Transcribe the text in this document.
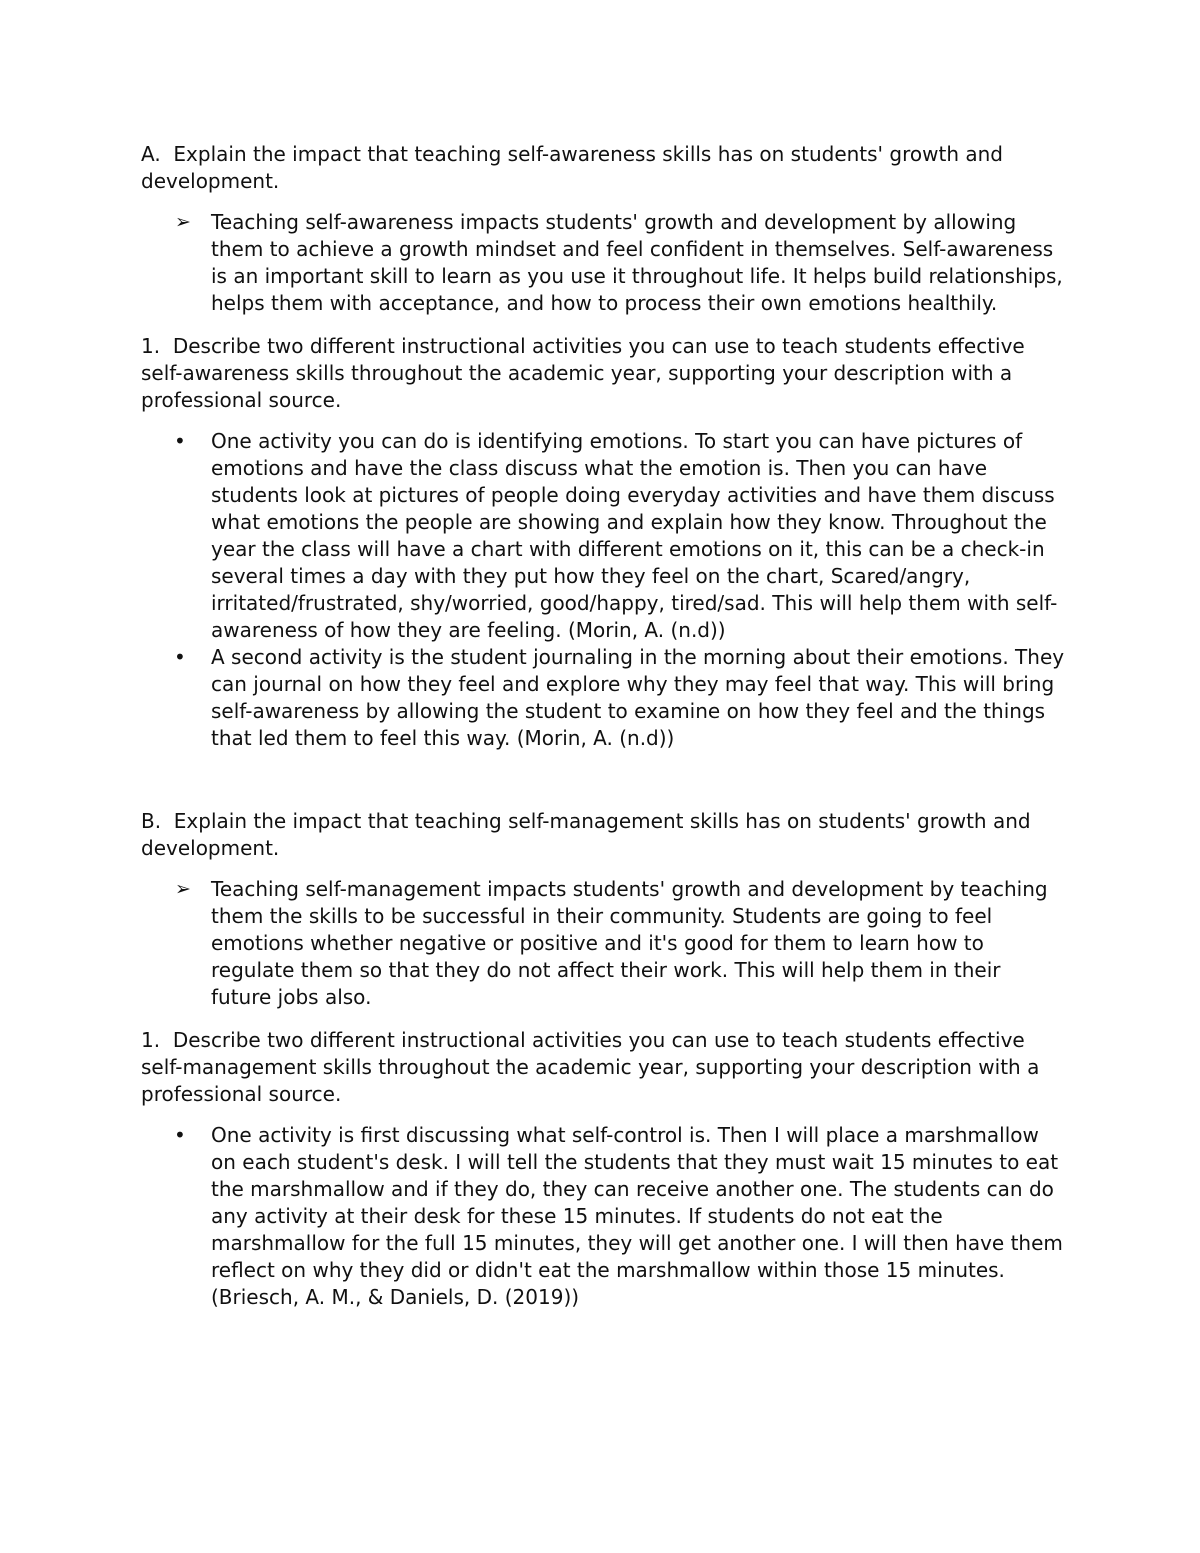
A. Explain the impact that teaching self-awareness skills has on students' growth and development.

➢	Teaching self-awareness impacts students' growth and development by allowing them to achieve a growth mindset and feel confident in themselves. Self-awareness is an important skill to learn as you use it throughout life. It helps build relationships, helps them with acceptance, and how to process their own emotions healthily.

1. Describe two different instructional activities you can use to teach students effective self-awareness skills throughout the academic year, supporting your description with a professional source.

•	One activity you can do is identifying emotions. To start you can have pictures of emotions and have the class discuss what the emotion is. Then you can have students look at pictures of people doing everyday activities and have them discuss what emotions the people are showing and explain how they know. Throughout the year the class will have a chart with different emotions on it, this can be a check-in several times a day with they put how they feel on the chart, Scared/angry, irritated/frustrated, shy/worried, good/happy, tired/sad. This will help them with self-awareness of how they are feeling. (Morin, A. (n.d))
•	A second activity is the student journaling in the morning about their emotions. They can journal on how they feel and explore why they may feel that way. This will bring self-awareness by allowing the student to examine on how they feel and the things that led them to feel this way. (Morin, A. (n.d))

B. Explain the impact that teaching self-management skills has on students' growth and development.

➢	Teaching self-management impacts students' growth and development by teaching them the skills to be successful in their community. Students are going to feel emotions whether negative or positive and it's good for them to learn how to regulate them so that they do not affect their work. This will help them in their future jobs also.

1. Describe two different instructional activities you can use to teach students effective self-management skills throughout the academic year, supporting your description with a professional source.

•	One activity is first discussing what self-control is. Then I will place a marshmallow on each student's desk. I will tell the students that they must wait 15 minutes to eat the marshmallow and if they do, they can receive another one. The students can do any activity at their desk for these 15 minutes. If students do not eat the marshmallow for the full 15 minutes, they will get another one. I will then have them reflect on why they did or didn't eat the marshmallow within those 15 minutes. (Briesch, A. M., & Daniels, D. (2019))
